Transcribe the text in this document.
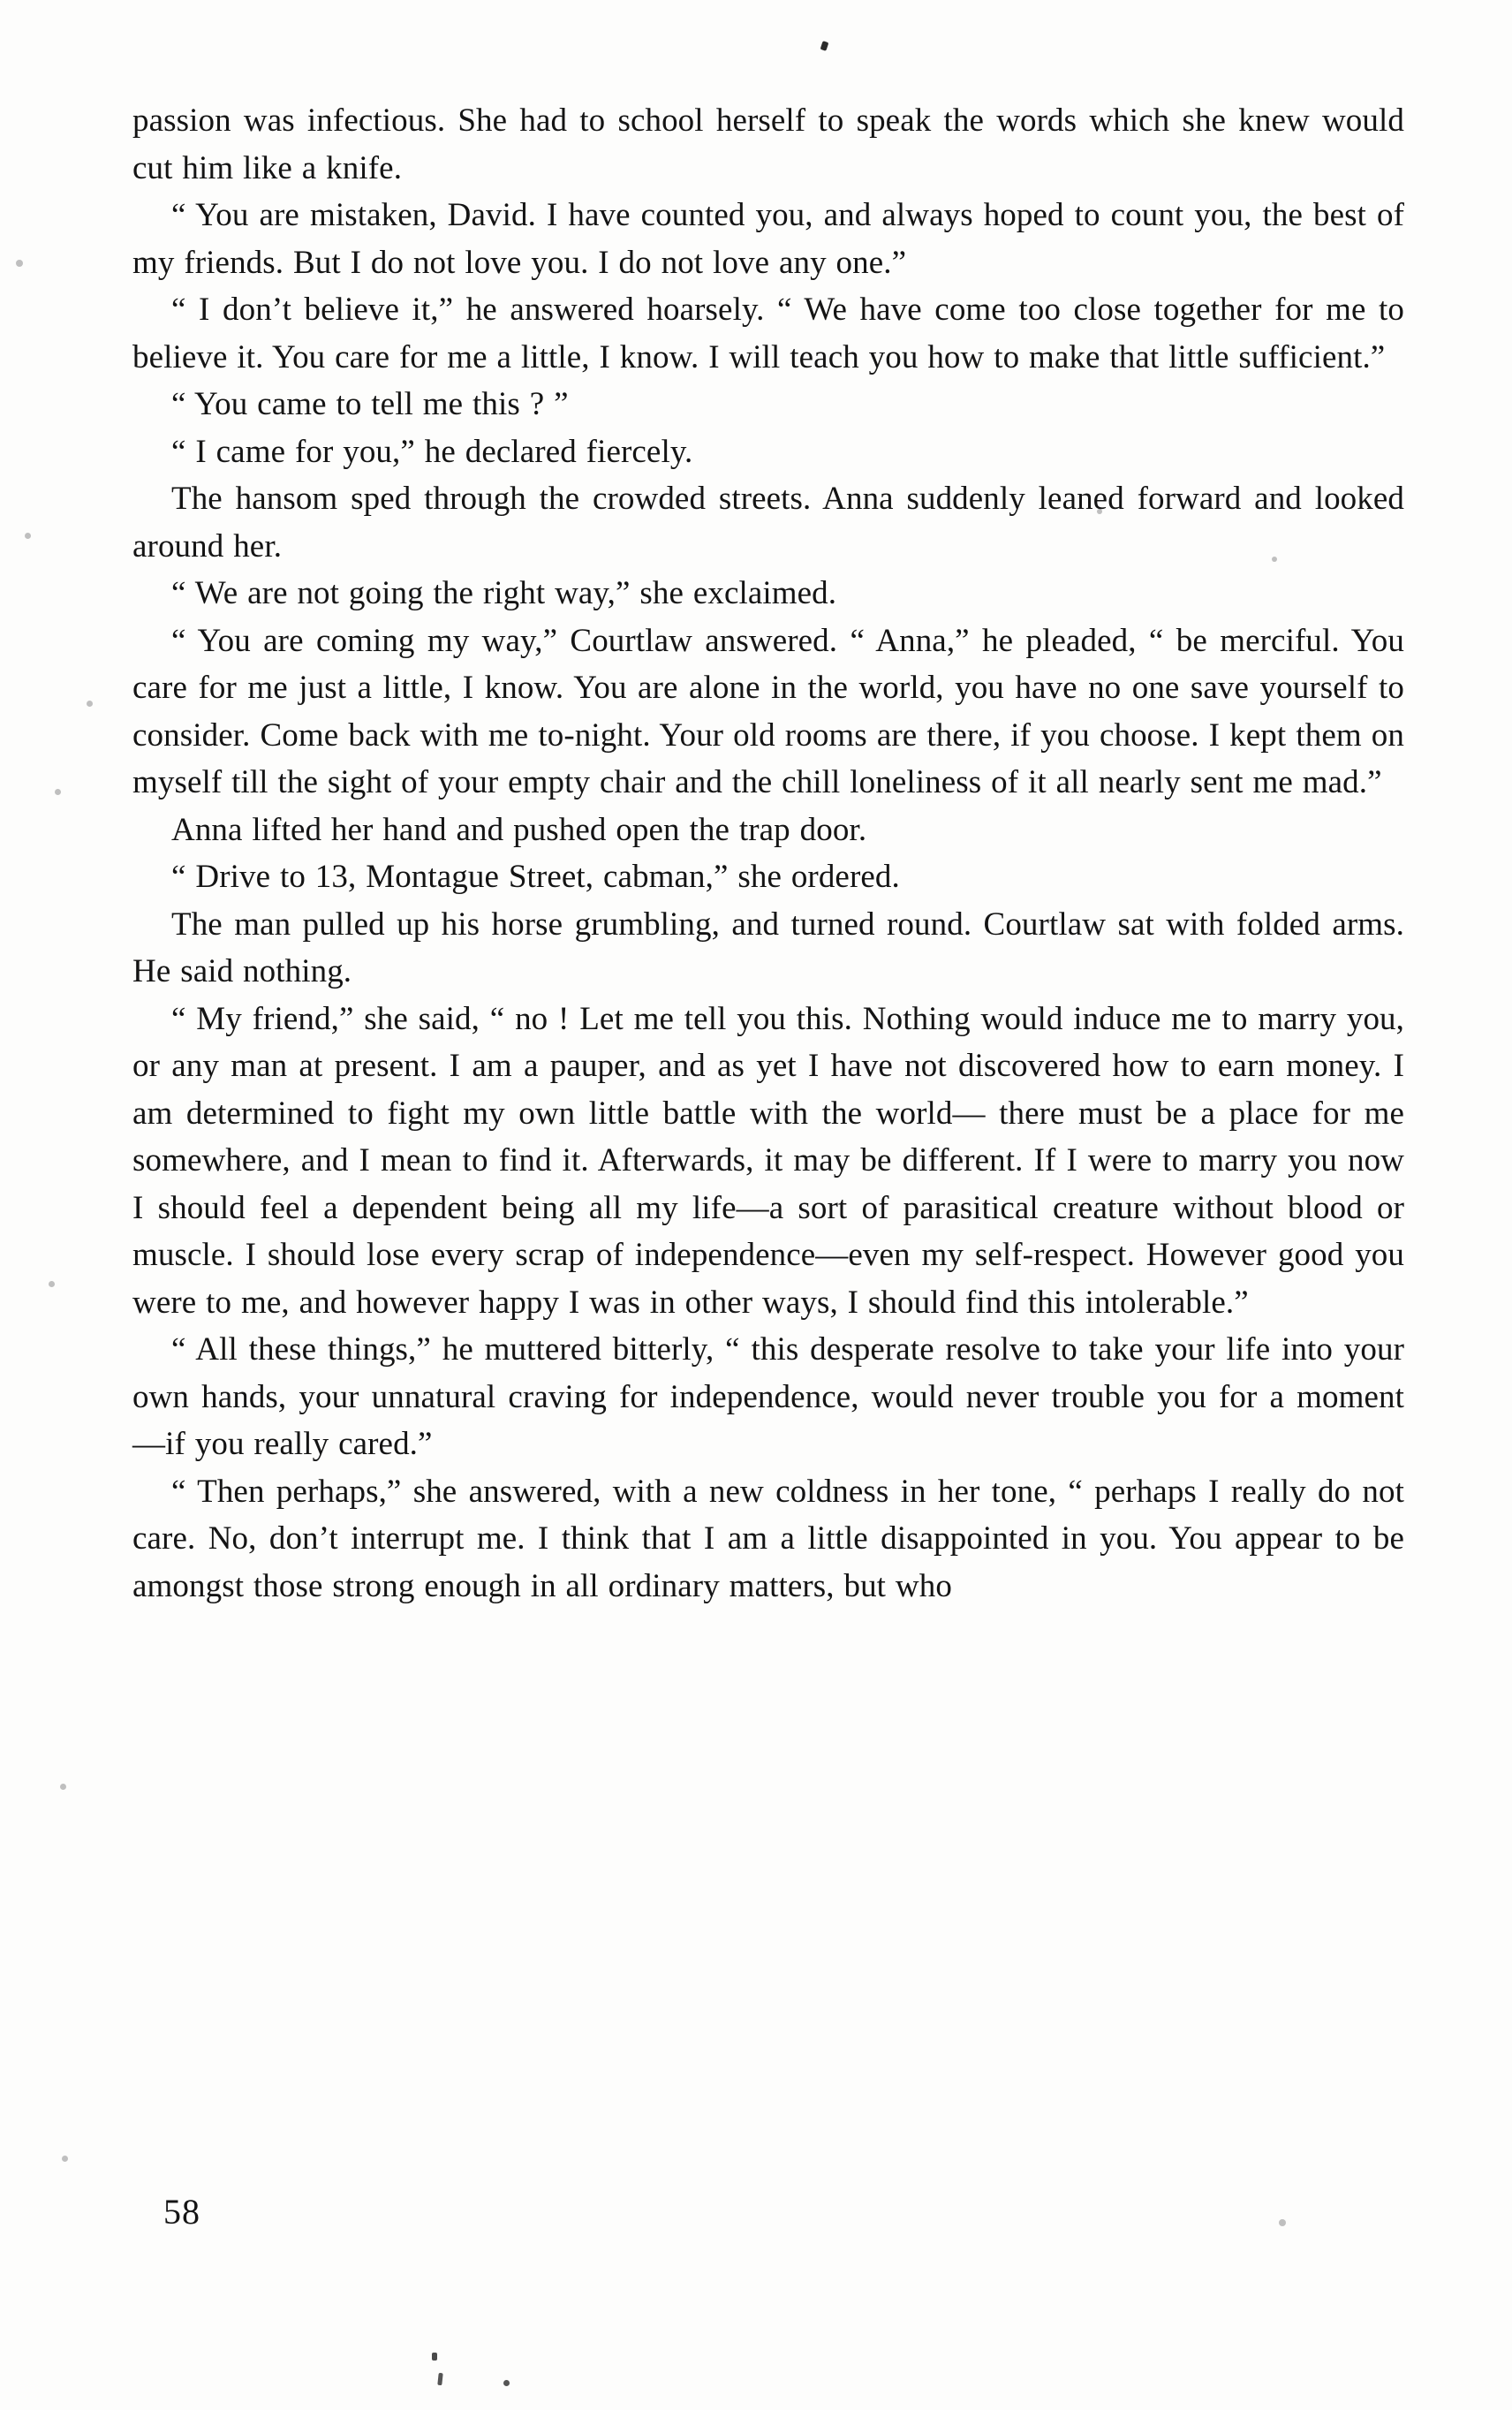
passion was infectious. She had to school herself to speak the words which she knew would cut him like a knife.

“ You are mistaken, David. I have counted you, and always hoped to count you, the best of my friends. But I do not love you. I do not love any one.”

“ I don’t believe it,” he answered hoarsely. “ We have come too close together for me to believe it. You care for me a little, I know. I will teach you how to make that little sufficient.”

“ You came to tell me this ? ”

“ I came for you,” he declared fiercely.

The hansom sped through the crowded streets. Anna suddenly leaned forward and looked around her.

“ We are not going the right way,” she exclaimed.

“ You are coming my way,” Courtlaw answered. “ Anna,” he pleaded, “ be merciful. You care for me just a little, I know. You are alone in the world, you have no one save yourself to consider. Come back with me to-night. Your old rooms are there, if you choose. I kept them on myself till the sight of your empty chair and the chill loneliness of it all nearly sent me mad.”

Anna lifted her hand and pushed open the trap door.

“ Drive to 13, Montague Street, cabman,” she ordered.

The man pulled up his horse grumbling, and turned round. Courtlaw sat with folded arms. He said nothing.

“ My friend,” she said, “ no ! Let me tell you this. Nothing would induce me to marry you, or any man at present. I am a pauper, and as yet I have not discovered how to earn money. I am determined to fight my own little battle with the world— there must be a place for me somewhere, and I mean to find it. Afterwards, it may be different. If I were to marry you now I should feel a dependent being all my life—a sort of parasitical creature without blood or muscle. I should lose every scrap of independence—even my self-respect. However good you were to me, and however happy I was in other ways, I should find this intolerable.”

“ All these things,” he muttered bitterly, “ this desperate resolve to take your life into your own hands, your unnatural craving for independence, would never trouble you for a moment —if you really cared.”

“ Then perhaps,” she answered, with a new coldness in her tone, “ perhaps I really do not care. No, don’t interrupt me. I think that I am a little disappointed in you. You appear to be amongst those strong enough in all ordinary matters, but who

58
